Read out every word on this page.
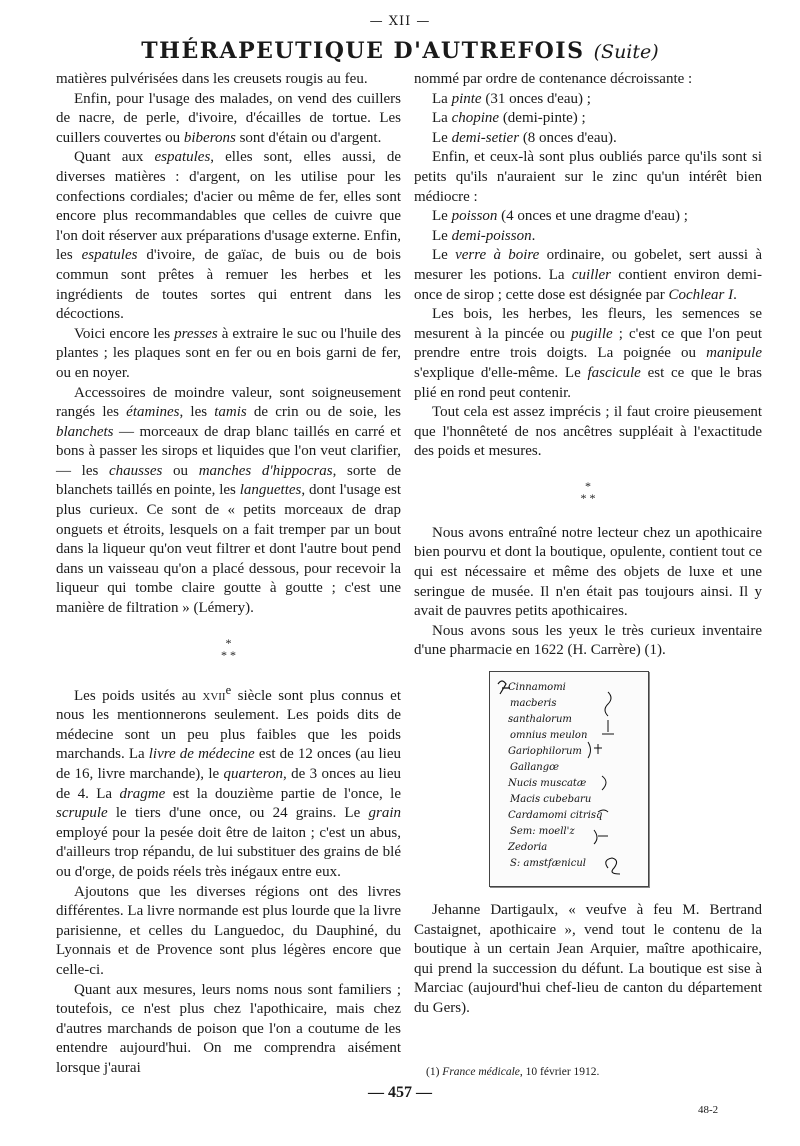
— XII —
THÉRAPEUTIQUE D'AUTREFOIS (Suite)

matières pulvérisées dans les creusets rougis au feu.

Enfin, pour l'usage des malades, on vend des cuillers de nacre, de perle, d'ivoire, d'écailles de tortue. Les cuillers couvertes ou biberons sont d'étain ou d'argent.

Quant aux espatules, elles sont, elles aussi, de diverses matières : d'argent, on les utilise pour les confections cordiales; d'acier ou même de fer, elles sont encore plus recommandables que celles de cuivre que l'on doit réserver aux préparations d'usage externe. Enfin, les espatules d'ivoire, de gaïac, de buis ou de bois commun sont prêtes à remuer les herbes et les ingrédients de toutes sortes qui entrent dans les décoctions.

Voici encore les presses à extraire le suc ou l'huile des plantes ; les plaques sont en fer ou en bois garni de fer, ou en noyer.

Accessoires de moindre valeur, sont soigneusement rangés les étamines, les tamis de crin ou de soie, les blanchets — morceaux de drap blanc taillés en carré et bons à passer les sirops et liquides que l'on veut clarifier, — les chausses ou manches d'hippocras, sorte de blanchets taillés en pointe, les languettes, dont l'usage est plus curieux. Ce sont de « petits morceaux de drap onguets et étroits, lesquels on a fait tremper par un bout dans la liqueur qu'on veut filtrer et dont l'autre bout pend dans un vaisseau qu'on a placé dessous, pour recevoir la liqueur qui tombe claire goutte à goutte ; c'est une manière de filtration » (Lémery).

*
* *

Les poids usités au xvii$^e$ siècle sont plus connus et nous les mentionnerons seulement. Les poids dits de médecine sont un peu plus faibles que les poids marchands. La livre de médecine est de 12 onces (au lieu de 16, livre marchande), le quarteron, de 3 onces au lieu de 4. La dragme est la douzième partie de l'once, le scrupule le tiers d'une once, ou 24 grains. Le grain employé pour la pesée doit être de laiton ; c'est un abus, d'ailleurs trop répandu, de lui substituer des grains de blé ou d'orge, de poids réels très inégaux entre eux.

Ajoutons que les diverses régions ont des livres différentes. La livre normande est plus lourde que la livre parisienne, et celles du Languedoc, du Dauphiné, du Lyonnais et de Provence sont plus légères encore que celle-ci.

Quant aux mesures, leurs noms nous sont familiers ; toutefois, ce n'est plus chez l'apothicaire, mais chez d'autres marchands de poison que l'on a coutume de les entendre aujourd'hui. On me comprendra aisément lorsque j'aurai

nommé par ordre de contenance décroissante :

La pinte (31 onces d'eau) ;

La chopine (demi-pinte) ;

Le demi-setier (8 onces d'eau).

Enfin, et ceux-là sont plus oubliés parce qu'ils sont si petits qu'ils n'auraient sur le zinc qu'un intérêt bien médiocre :

Le poisson (4 onces et une dragme d'eau) ;

Le demi-poisson.

Le verre à boire ordinaire, ou gobelet, sert aussi à mesurer les potions. La cuiller contient environ demi-once de sirop ; cette dose est désignée par Cochlear I.

Les bois, les herbes, les fleurs, les semences se mesurent à la pincée ou pugille ; c'est ce que l'on peut prendre entre trois doigts. La poignée ou manipule s'explique d'elle-même. Le fascicule est ce que le bras plié en rond peut contenir.

Tout cela est assez imprécis ; il faut croire pieusement que l'honnêteté de nos ancêtres suppléait à l'exactitude des poids et mesures.

*
* *

Nous avons entraîné notre lecteur chez un apothicaire bien pourvu et dont la boutique, opulente, contient tout ce qui est nécessaire et même des objets de luxe et une seringue de musée. Il n'en était pas toujours ainsi. Il y avait de pauvres petits apothicaires.

Nous avons sous les yeux le très curieux inventaire d'une pharmacie en 1622 (H. Carrère) (1).

Cinnamomi
macberis
santhalorum
omnius meulon
Gariophilorum
Gallangœ
Nucis muscatæ
Macis cubebaru
Cardamomi citrisq
Sem: moell'z
Zedoria
S: amstfænicul

Jehanne Dartigaulx, « veufve à feu M. Bertrand Castaignet, apothicaire », vend tout le contenu de la boutique à un certain Jean Arquier, maître apothicaire, qui prend la succession du défunt. La boutique est sise à Marciac (aujourd'hui chef-lieu de canton du département du Gers).

(1) France médicale, 10 février 1912.
— 457 —
48-2
